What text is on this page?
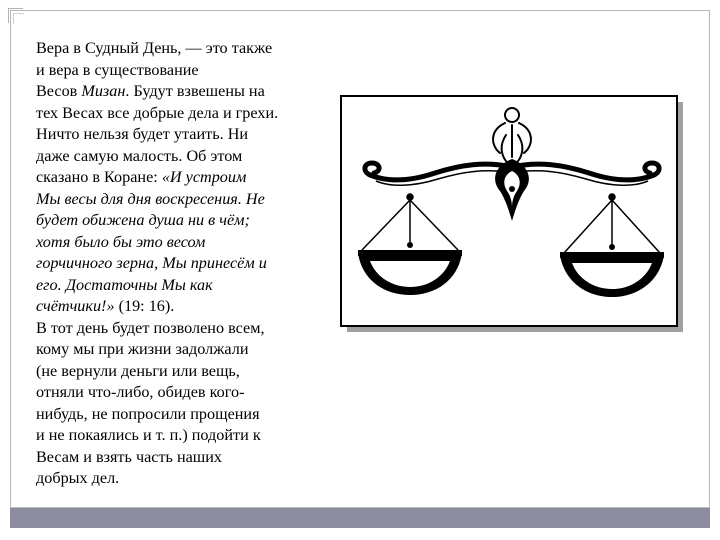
Вера в Судный День, — это также
и вера в существование
Весов Мизан. Будут взвешены на
тех Весах все добрые дела и грехи.
Ничто нельзя будет утаить. Ни
даже самую малость. Об этом
сказано в Коране: «И устроим
Мы весы для дня воскресения. Не
будет обижена душа ни в чём;
хотя было бы это весом
горчичного зерна, Мы принесём и
его. Достаточны Мы как
счётчики!» (19: 16).
В тот день будет позволено всем,
кому мы при жизни задолжали
(не вернули деньги или вещь,
отняли что-либо, обидев кого-
нибудь, не попросили прощения
и не покаялись и т. п.) подойти к
Весам и взять часть наших
добрых дел.
